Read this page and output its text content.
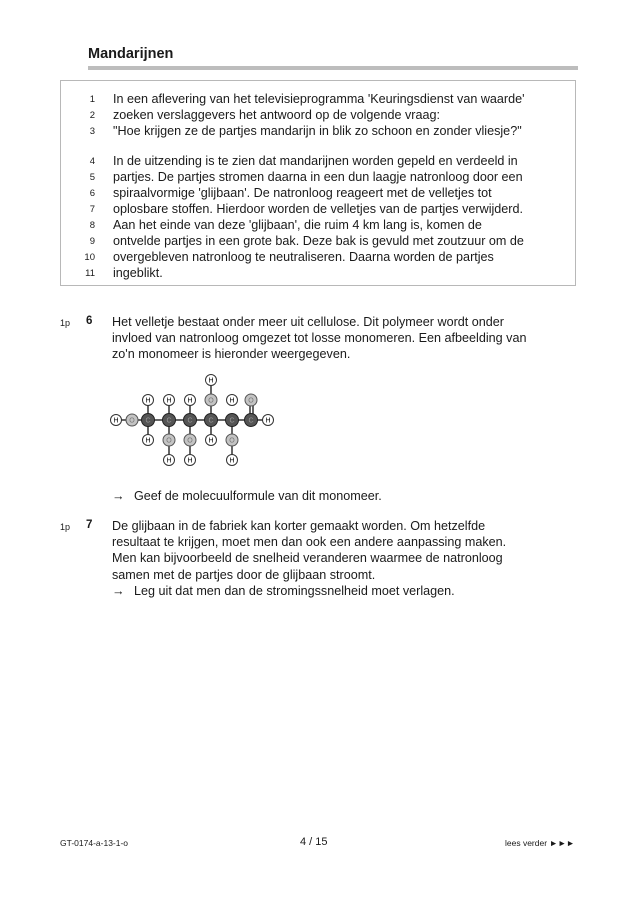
Mandarijnen
1 In een aflevering van het televisieprogramma 'Keuringsdienst van waarde'
2 zoeken verslaggevers het antwoord op de volgende vraag:
3 "Hoe krijgen ze de partjes mandarijn in blik zo schoon en zonder vliesje?"
4 In de uitzending is te zien dat mandarijnen worden gepeld en verdeeld in
5 partjes. De partjes stromen daarna in een dun laagje natronloog door een
6 spiraalvormige 'glijbaan'. De natronloog reageert met de velletjes tot
7 oplosbare stoffen. Hierdoor worden de velletjes van de partjes verwijderd.
8 Aan het einde van deze 'glijbaan', die ruim 4 km lang is, komen de
9 ontvelde partjes in een grote bak. Deze bak is gevuld met zoutzuur om de
10 overgebleven natronloog te neutraliseren. Daarna worden de partjes
11 ingeblikt.
1p 6 Het velletje bestaat onder meer uit cellulose. Dit polymeer wordt onder
invloed van natronloog omgezet tot losse monomeren. Een afbeelding van
zo'n monomeer is hieronder weergegeven.
H
H H H
H
H
H
H	H
H H	H
O
O O
O
O
O
C C C C C C
→ Geef de molecuulformule van dit monomeer.
1p 7 De glijbaan in de fabriek kan korter gemaakt worden. Om hetzelfde
resultaat te krijgen, moet men dan ook een andere aanpassing maken.
Men kan bijvoorbeeld de snelheid veranderen waarmee de natronloog
samen met de partjes door de glijbaan stroomt.
→ Leg uit dat men dan de stromingssnelheid moet verlagen.
GT-0174-a-13-1-o	4 / 15	lees verder ►►►
